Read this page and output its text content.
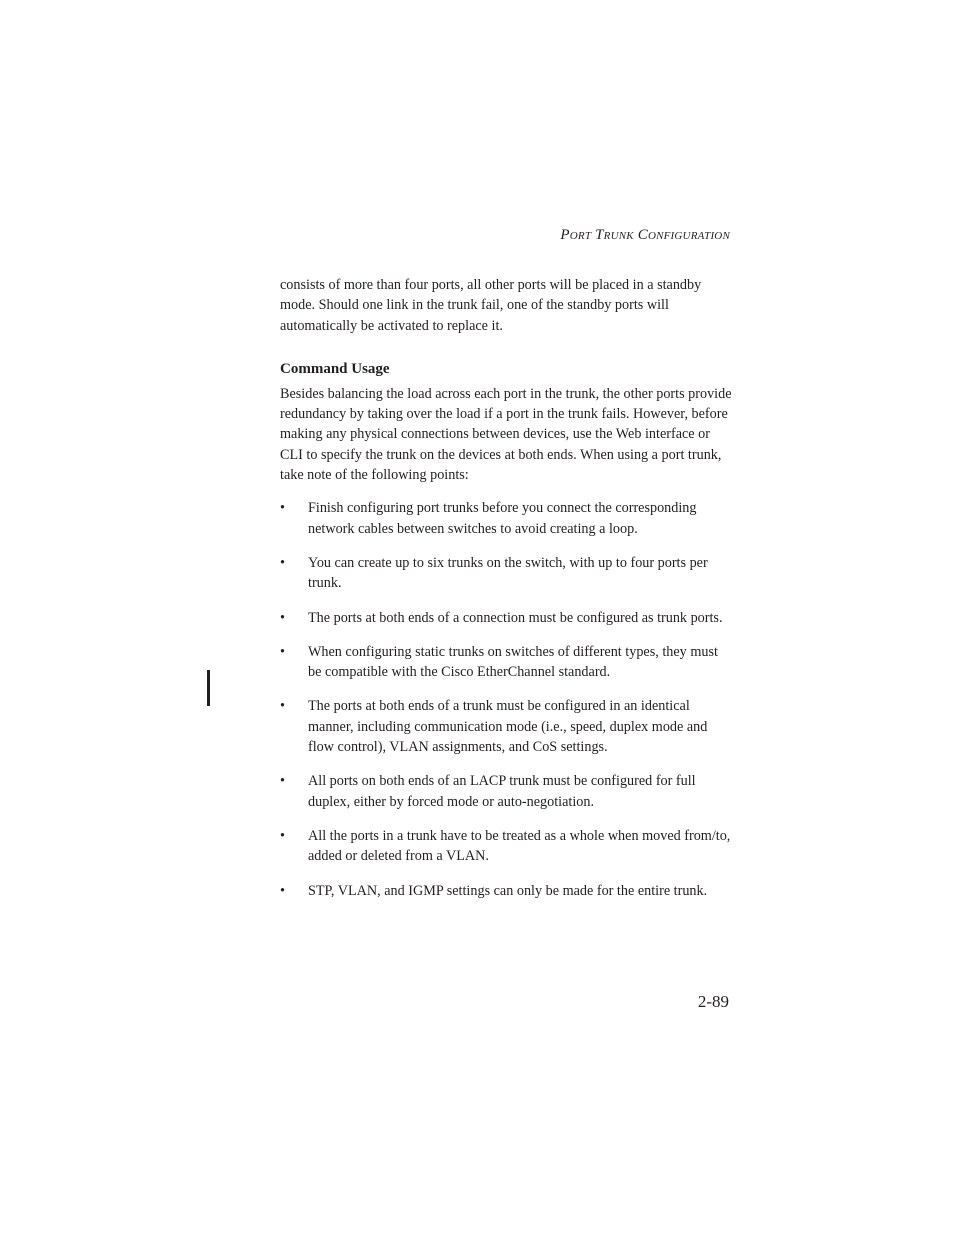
Port Trunk Configuration

consists of more than four ports, all other ports will be placed in a standby mode. Should one link in the trunk fail, one of the standby ports will automatically be activated to replace it.

Command Usage

Besides balancing the load across each port in the trunk, the other ports provide redundancy by taking over the load if a port in the trunk fails. However, before making any physical connections between devices, use the Web interface or CLI to specify the trunk on the devices at both ends. When using a port trunk, take note of the following points:

• Finish configuring port trunks before you connect the corresponding network cables between switches to avoid creating a loop.
• You can create up to six trunks on the switch, with up to four ports per trunk.
• The ports at both ends of a connection must be configured as trunk ports.
• When configuring static trunks on switches of different types, they must be compatible with the Cisco EtherChannel standard.
• The ports at both ends of a trunk must be configured in an identical manner, including communication mode (i.e., speed, duplex mode and flow control), VLAN assignments, and CoS settings.
• All ports on both ends of an LACP trunk must be configured for full duplex, either by forced mode or auto-negotiation.
• All the ports in a trunk have to be treated as a whole when moved from/to, added or deleted from a VLAN.
• STP, VLAN, and IGMP settings can only be made for the entire trunk.
2-89
